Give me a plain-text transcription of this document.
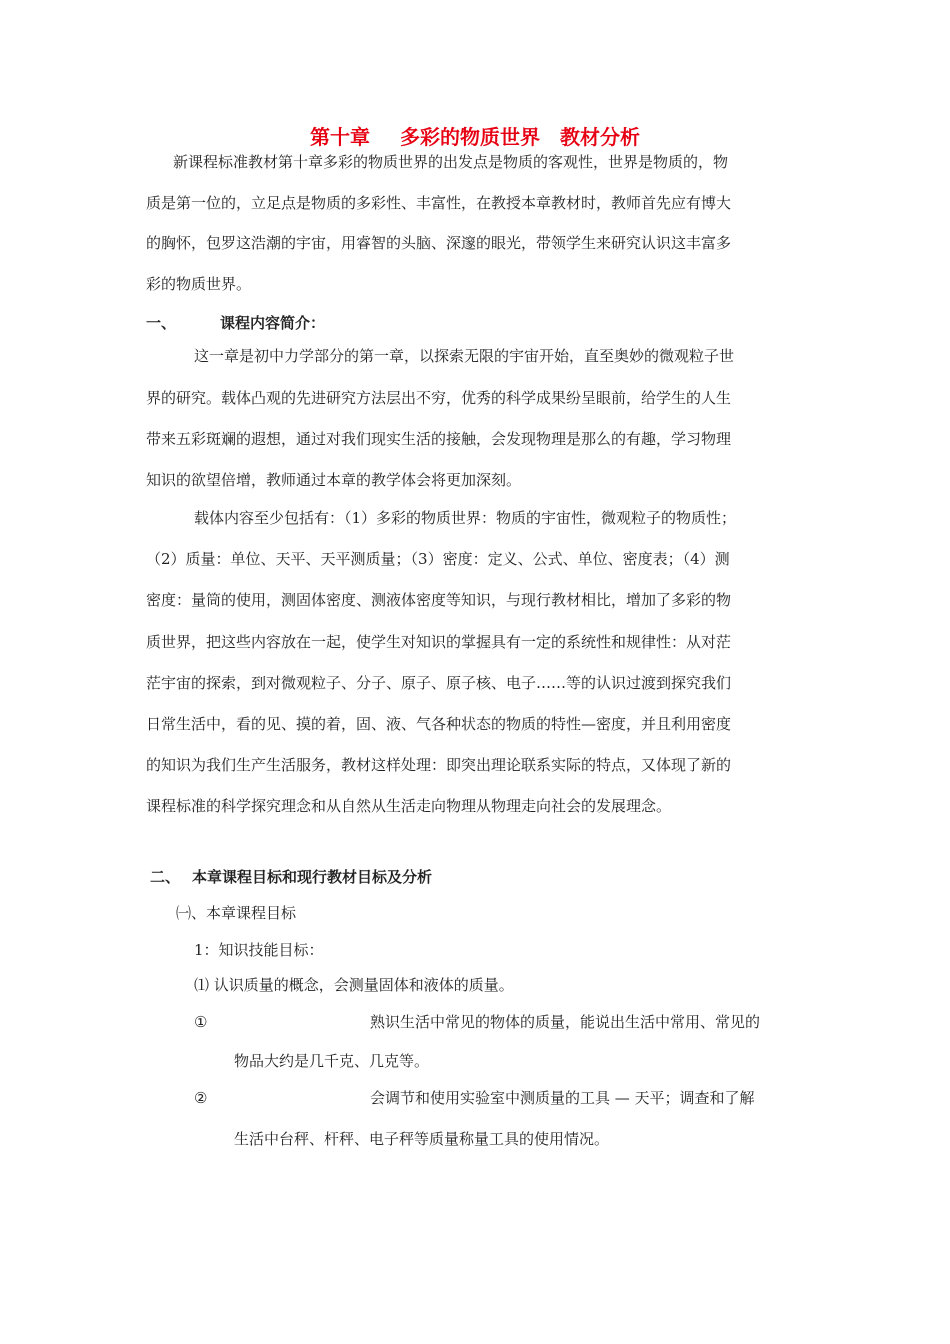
第十章 多彩的物质世界 教材分析
新课程标准教材第十章多彩的物质世界的出发点是物质的客观性，世界是物质的，物
质是第一位的，立足点是物质的多彩性、丰富性，在教授本章教材时，教师首先应有博大
的胸怀，包罗这浩潮的宇宙，用睿智的头脑、深邃的眼光，带领学生来研究认识这丰富多
彩的物质世界。
一、	课程内容简介：
这一章是初中力学部分的第一章，以探索无限的宇宙开始，直至奥妙的微观粒子世
界的研究。载体凸观的先进研究方法层出不穷，优秀的科学成果纷呈眼前，给学生的人生
带来五彩斑斓的遐想，通过对我们现实生活的接触，会发现物理是那么的有趣，学习物理
知识的欲望倍增，教师通过本章的教学体会将更加深刻。
载体内容至少包括有：（1）多彩的物质世界：物质的宇宙性，微观粒子的物质性；
（2）质量：单位、天平、天平测质量；（3）密度：定义、公式、单位、密度表；（4）测
密度：量筒的使用，测固体密度、测液体密度等知识，与现行教材相比，增加了多彩的物
质世界，把这些内容放在一起，使学生对知识的掌握具有一定的系统性和规律性：从对茫
茫宇宙的探索，到对微观粒子、分子、原子、原子核、电子……等的认识过渡到探究我们
日常生活中，看的见、摸的着，固、液、气各种状态的物质的特性—密度，并且利用密度
的知识为我们生产生活服务，教材这样处理：即突出理论联系实际的特点，又体现了新的
课程标准的科学探究理念和从自然从生活走向物理从物理走向社会的发展理念。
二、 本章课程目标和现行教材目标及分析
㈠、本章课程目标
1：知识技能目标：
⑴ 认识质量的概念，会测量固体和液体的质量。
①	熟识生活中常见的物体的质量，能说出生活中常用、常见的
物品大约是几千克、几克等。
②	会调节和使用实验室中测质量的工具 — 天平；调查和了解
生活中台秤、杆秤、电子秤等质量称量工具的使用情况。
